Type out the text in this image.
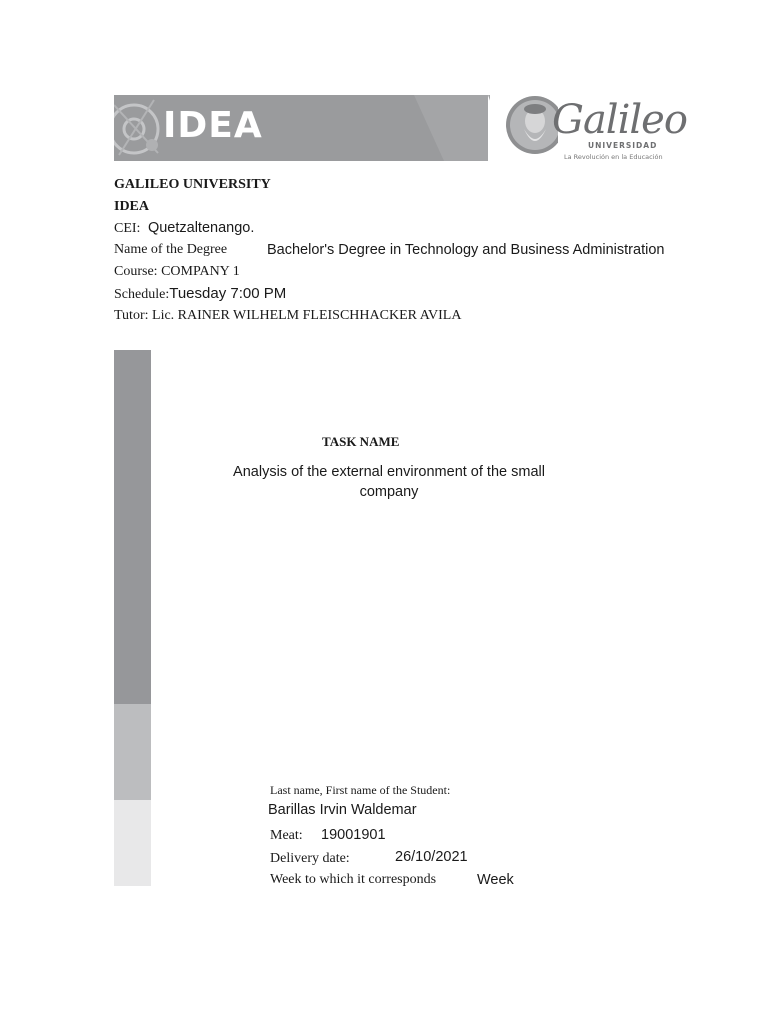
IDEA	Galileo
UNIVERSIDAD
La Revolución en la Educación
GALILEO UNIVERSITY
IDEA
CEI: Quetzaltenango.
Name of the Degree	Bachelor's Degree in Technology and Business Administration
Course: COMPANY 1
Schedule:Tuesday 7:00 PM
Tutor: Lic. RAINER WILHELM FLEISCHHACKER AVILA
TASK NAME
Analysis of the external environment of the small
company
Last name, First name of the Student:
Barillas Irvin Waldemar
Meat: 19001901
Delivery date:	26/10/2021
Week to which it corresponds	Week
